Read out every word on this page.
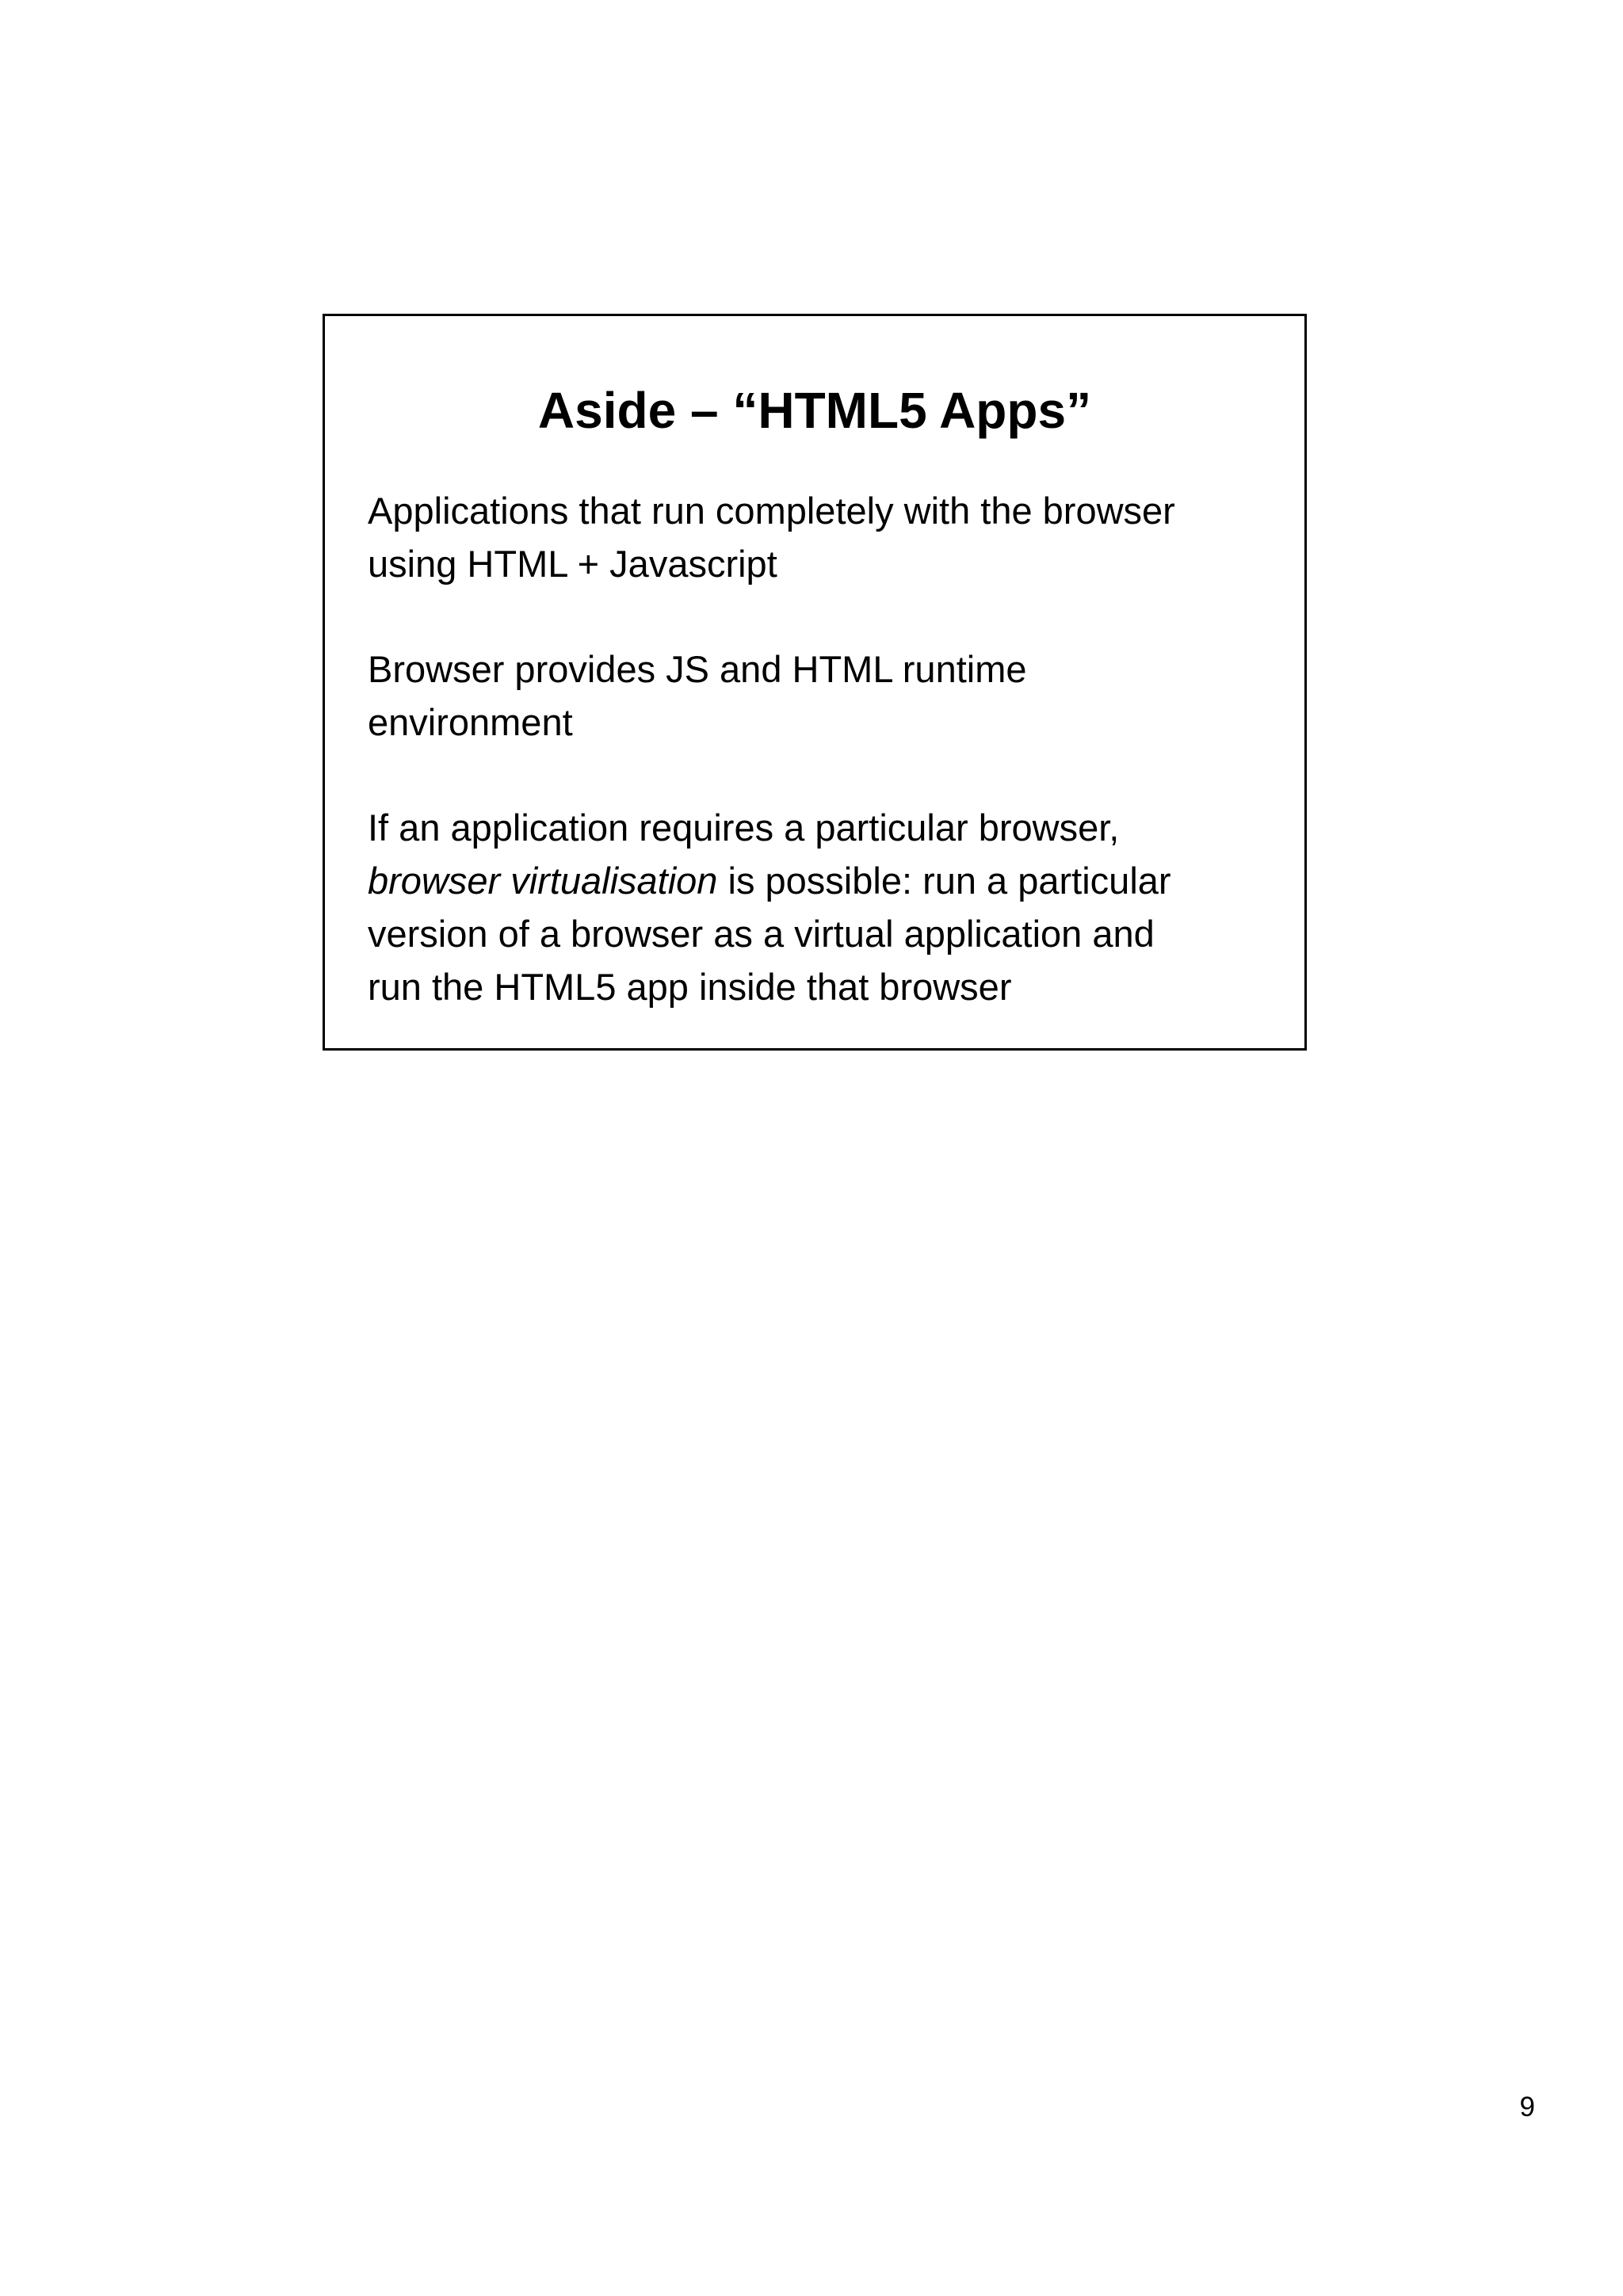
Aside – “HTML5 Apps”

Applications that run completely with the browser
using HTML + Javascript

Browser provides JS and HTML runtime
environment

If an application requires a particular browser,
browser virtualisation is possible: run a particular
version of a browser as a virtual application and
run the HTML5 app inside that browser

9
